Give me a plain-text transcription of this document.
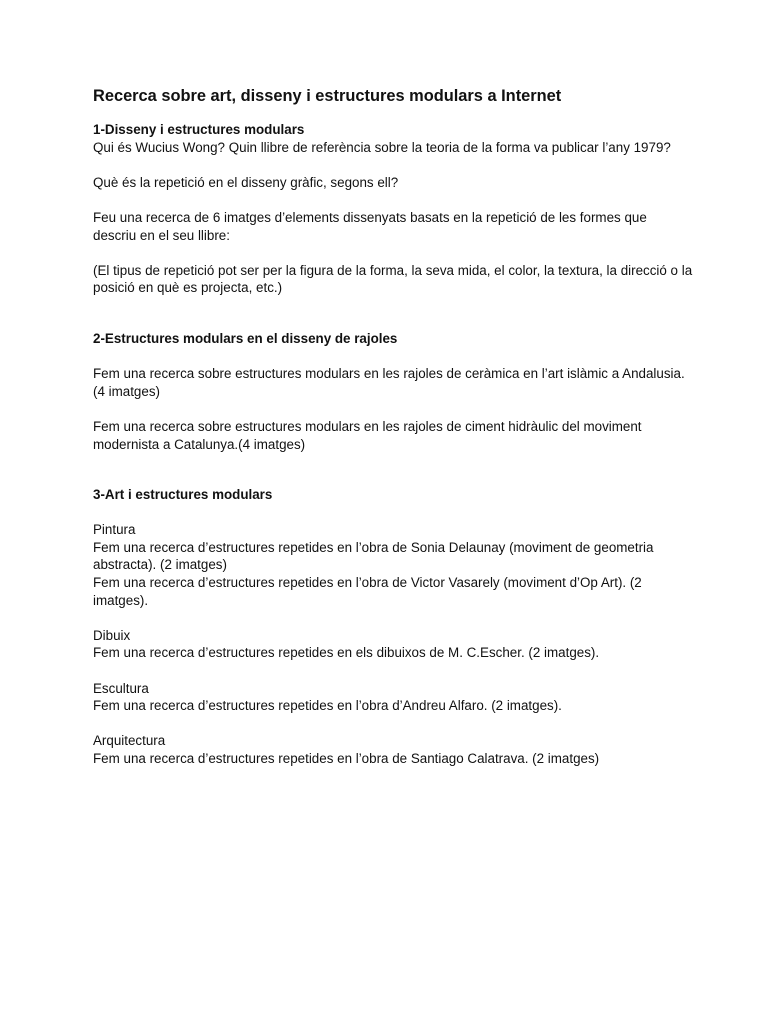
Recerca sobre art, disseny i estructures modulars a Internet
1-Disseny i estructures modulars

Qui és Wucius Wong? Quin llibre de referència sobre la teoria de la forma va publicar l’any 1979?

Què és la repetició en el disseny gràfic, segons ell?

Feu una recerca de 6 imatges d’elements dissenyats basats en la repetició de les formes que descriu en el seu llibre:

(El tipus de repetició pot ser per la figura de la forma, la seva mida, el color, la textura, la direcció o la posició en què es projecta, etc.)

2-Estructures modulars en el disseny de rajoles

Fem una recerca sobre estructures modulars en les rajoles de ceràmica en l’art islàmic a Andalusia. (4 imatges)

Fem una recerca sobre estructures modulars en les rajoles de ciment hidràulic del moviment modernista a Catalunya.(4 imatges)

3-Art i estructures modulars

Pintura

Fem una recerca d’estructures repetides en l’obra de Sonia Delaunay (moviment de geometria abstracta). (2 imatges)

Fem una recerca d’estructures repetides en l’obra de Victor Vasarely (moviment d’Op Art). (2 imatges).

Dibuix

Fem una recerca d’estructures repetides en els dibuixos de M. C.Escher. (2 imatges).

Escultura

Fem una recerca d’estructures repetides en l’obra d’Andreu Alfaro. (2 imatges).

Arquitectura

Fem una recerca d’estructures repetides en l’obra de Santiago Calatrava. (2 imatges)
